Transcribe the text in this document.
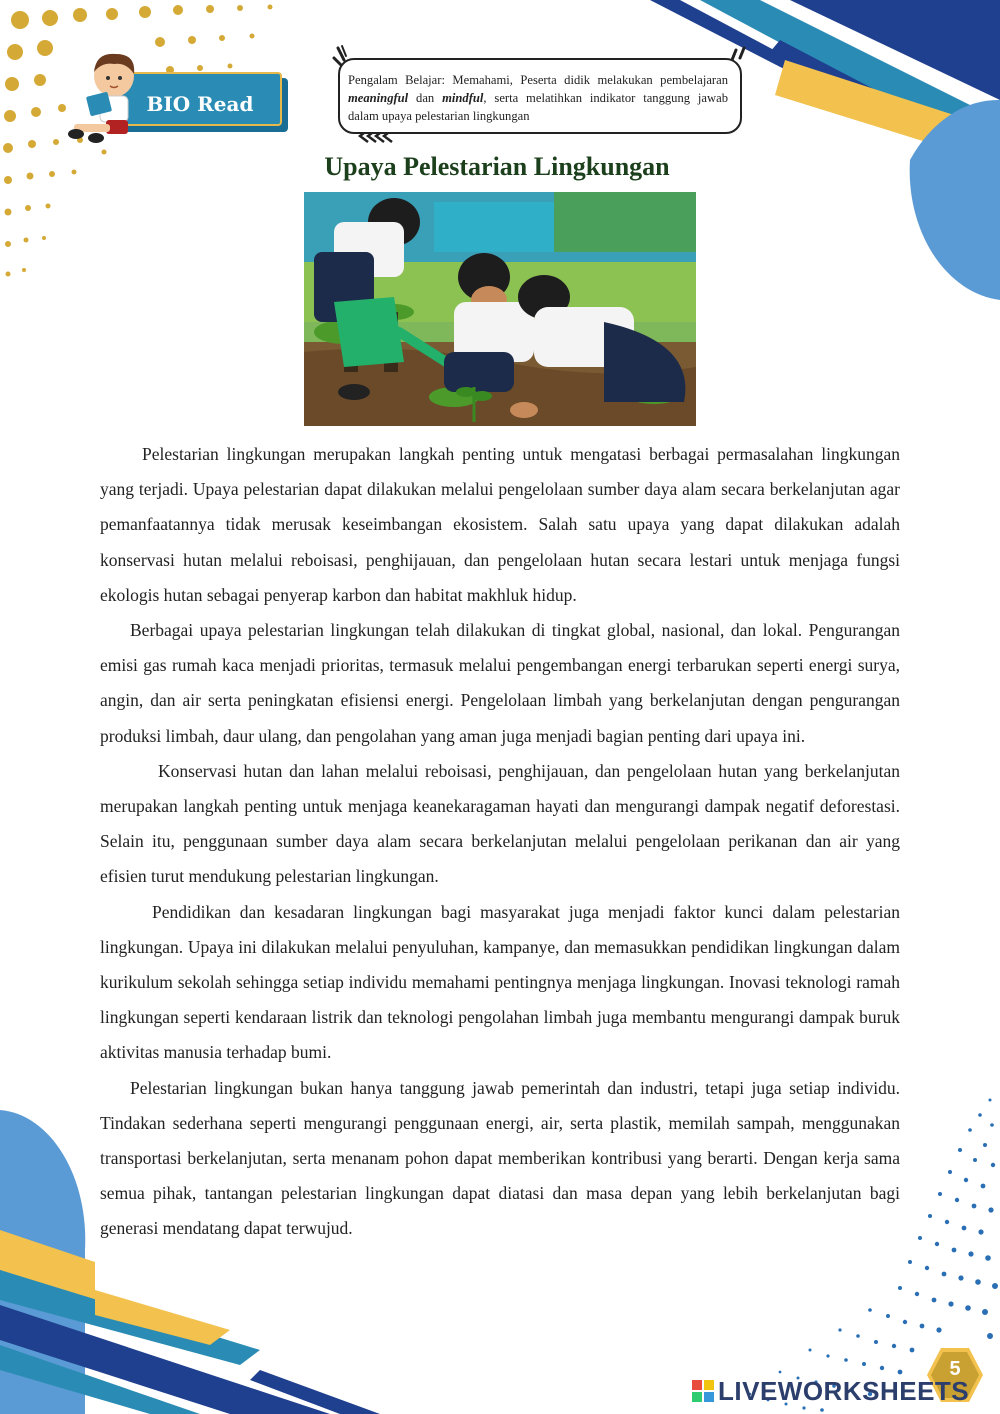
BIO Read
Pengalam Belajar: Memahami, Peserta didik melakukan pembelajaran meaningful dan mindful, serta melatihkan indikator tanggung jawab dalam upaya pelestarian lingkungan
Upaya Pelestarian Lingkungan

Pelestarian lingkungan merupakan langkah penting untuk mengatasi berbagai permasalahan lingkungan yang terjadi. Upaya pelestarian dapat dilakukan melalui pengelolaan sumber daya alam secara berkelanjutan agar pemanfaatannya tidak merusak keseimbangan ekosistem. Salah satu upaya yang dapat dilakukan adalah konservasi hutan melalui reboisasi, penghijauan, dan pengelolaan hutan secara lestari untuk menjaga fungsi ekologis hutan sebagai penyerap karbon dan habitat makhluk hidup.

Berbagai upaya pelestarian lingkungan telah dilakukan di tingkat global, nasional, dan lokal. Pengurangan emisi gas rumah kaca menjadi prioritas, termasuk melalui pengembangan energi terbarukan seperti energi surya, angin, dan air serta peningkatan efisiensi energi. Pengelolaan limbah yang berkelanjutan dengan pengurangan produksi limbah, daur ulang, dan pengolahan yang aman juga menjadi bagian penting dari upaya ini.

Konservasi hutan dan lahan melalui reboisasi, penghijauan, dan pengelolaan hutan yang berkelanjutan merupakan langkah penting untuk menjaga keanekaragaman hayati dan mengurangi dampak negatif deforestasi. Selain itu, penggunaan sumber daya alam secara berkelanjutan melalui pengelolaan perikanan dan air yang efisien turut mendukung pelestarian lingkungan.

Pendidikan dan kesadaran lingkungan bagi masyarakat juga menjadi faktor kunci dalam pelestarian lingkungan. Upaya ini dilakukan melalui penyuluhan, kampanye, dan memasukkan pendidikan lingkungan dalam kurikulum sekolah sehingga setiap individu memahami pentingnya menjaga lingkungan. Inovasi teknologi ramah lingkungan seperti kendaraan listrik dan teknologi pengolahan limbah juga membantu mengurangi dampak buruk aktivitas manusia terhadap bumi.

Pelestarian lingkungan bukan hanya tanggung jawab pemerintah dan industri, tetapi juga setiap individu. Tindakan sederhana seperti mengurangi penggunaan energi, air, serta plastik, memilah sampah, menggunakan transportasi berkelanjutan, serta menanam pohon dapat memberikan kontribusi yang berarti. Dengan kerja sama semua pihak, tantangan pelestarian lingkungan dapat diatasi dan masa depan yang lebih berkelanjutan bagi generasi mendatang dapat terwujud.

5
LIVEWORKSHEETS
